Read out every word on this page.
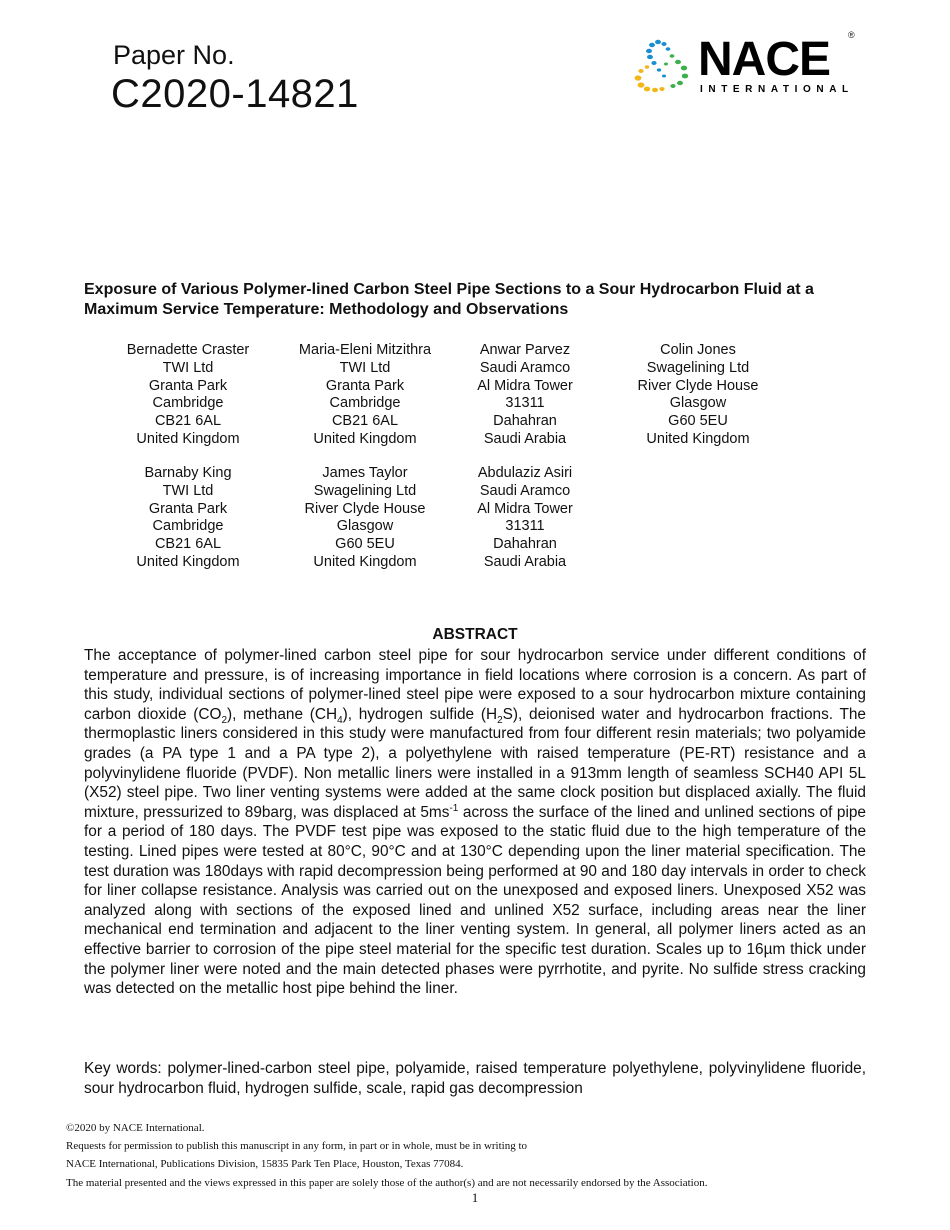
Paper No.
C2020-14821
NACE ®
INTERNATIONAL
Exposure of Various Polymer-lined Carbon Steel Pipe Sections to a Sour Hydrocarbon Fluid at a Maximum Service Temperature: Methodology and Observations
Bernadette Craster
TWI Ltd
Granta Park
Cambridge
CB21 6AL
United Kingdom
Maria-Eleni Mitzithra
TWI Ltd
Granta Park
Cambridge
CB21 6AL
United Kingdom
Anwar Parvez
Saudi Aramco
Al Midra Tower
31311
Dahahran
Saudi Arabia
Colin Jones
Swagelining Ltd
River Clyde House
Glasgow
G60 5EU
United Kingdom
Barnaby King
TWI Ltd
Granta Park
Cambridge
CB21 6AL
United Kingdom
James Taylor
Swagelining Ltd
River Clyde House
Glasgow
G60 5EU
United Kingdom
Abdulaziz Asiri
Saudi Aramco
Al Midra Tower
31311
Dahahran
Saudi Arabia
ABSTRACT
The acceptance of polymer-lined carbon steel pipe for sour hydrocarbon service under different conditions of temperature and pressure, is of increasing importance in field locations where corrosion is a concern. As part of this study, individual sections of polymer-lined steel pipe were exposed to a sour hydrocarbon mixture containing carbon dioxide $(CO_2)$, methane $(CH_4)$, hydrogen sulfide $(H_2S)$, deionised water and hydrocarbon fractions. The thermoplastic liners considered in this study were manufactured from four different resin materials; two polyamide grades (a PA type 1 and a PA type 2), a polyethylene with raised temperature (PE-RT) resistance and a polyvinylidene fluoride (PVDF). Non metallic liners were installed in a 913mm length of seamless SCH40 API 5L (X52) steel pipe. Two liner venting systems were added at the same clock position but displaced axially. The fluid mixture, pressurized to 89barg, was displaced at $5ms^{-1}$ across the surface of the lined and unlined sections of pipe for a period of 180 days. The PVDF test pipe was exposed to the static fluid due to the high temperature of the testing. Lined pipes were tested at 80°C, 90°C and at 130°C depending upon the liner material specification. The test duration was 180days with rapid decompression being performed at 90 and 180 day intervals in order to check for liner collapse resistance. Analysis was carried out on the unexposed and exposed liners. Unexposed X52 was analyzed along with sections of the exposed lined and unlined X52 surface, including areas near the liner mechanical end termination and adjacent to the liner venting system. In general, all polymer liners acted as an effective barrier to corrosion of the pipe steel material for the specific test duration. Scales up to 16µm thick under the polymer liner were noted and the main detected phases were pyrrhotite, and pyrite. No sulfide stress cracking was detected on the metallic host pipe behind the liner.
Key words: polymer-lined-carbon steel pipe, polyamide, raised temperature polyethylene, polyvinylidene fluoride, sour hydrocarbon fluid, hydrogen sulfide, scale, rapid gas decompression
©2020 by NACE International.
Requests for permission to publish this manuscript in any form, in part or in whole, must be in writing to
NACE International, Publications Division, 15835 Park Ten Place, Houston, Texas 77084.
The material presented and the views expressed in this paper are solely those of the author(s) and are not necessarily endorsed by the Association.
1
